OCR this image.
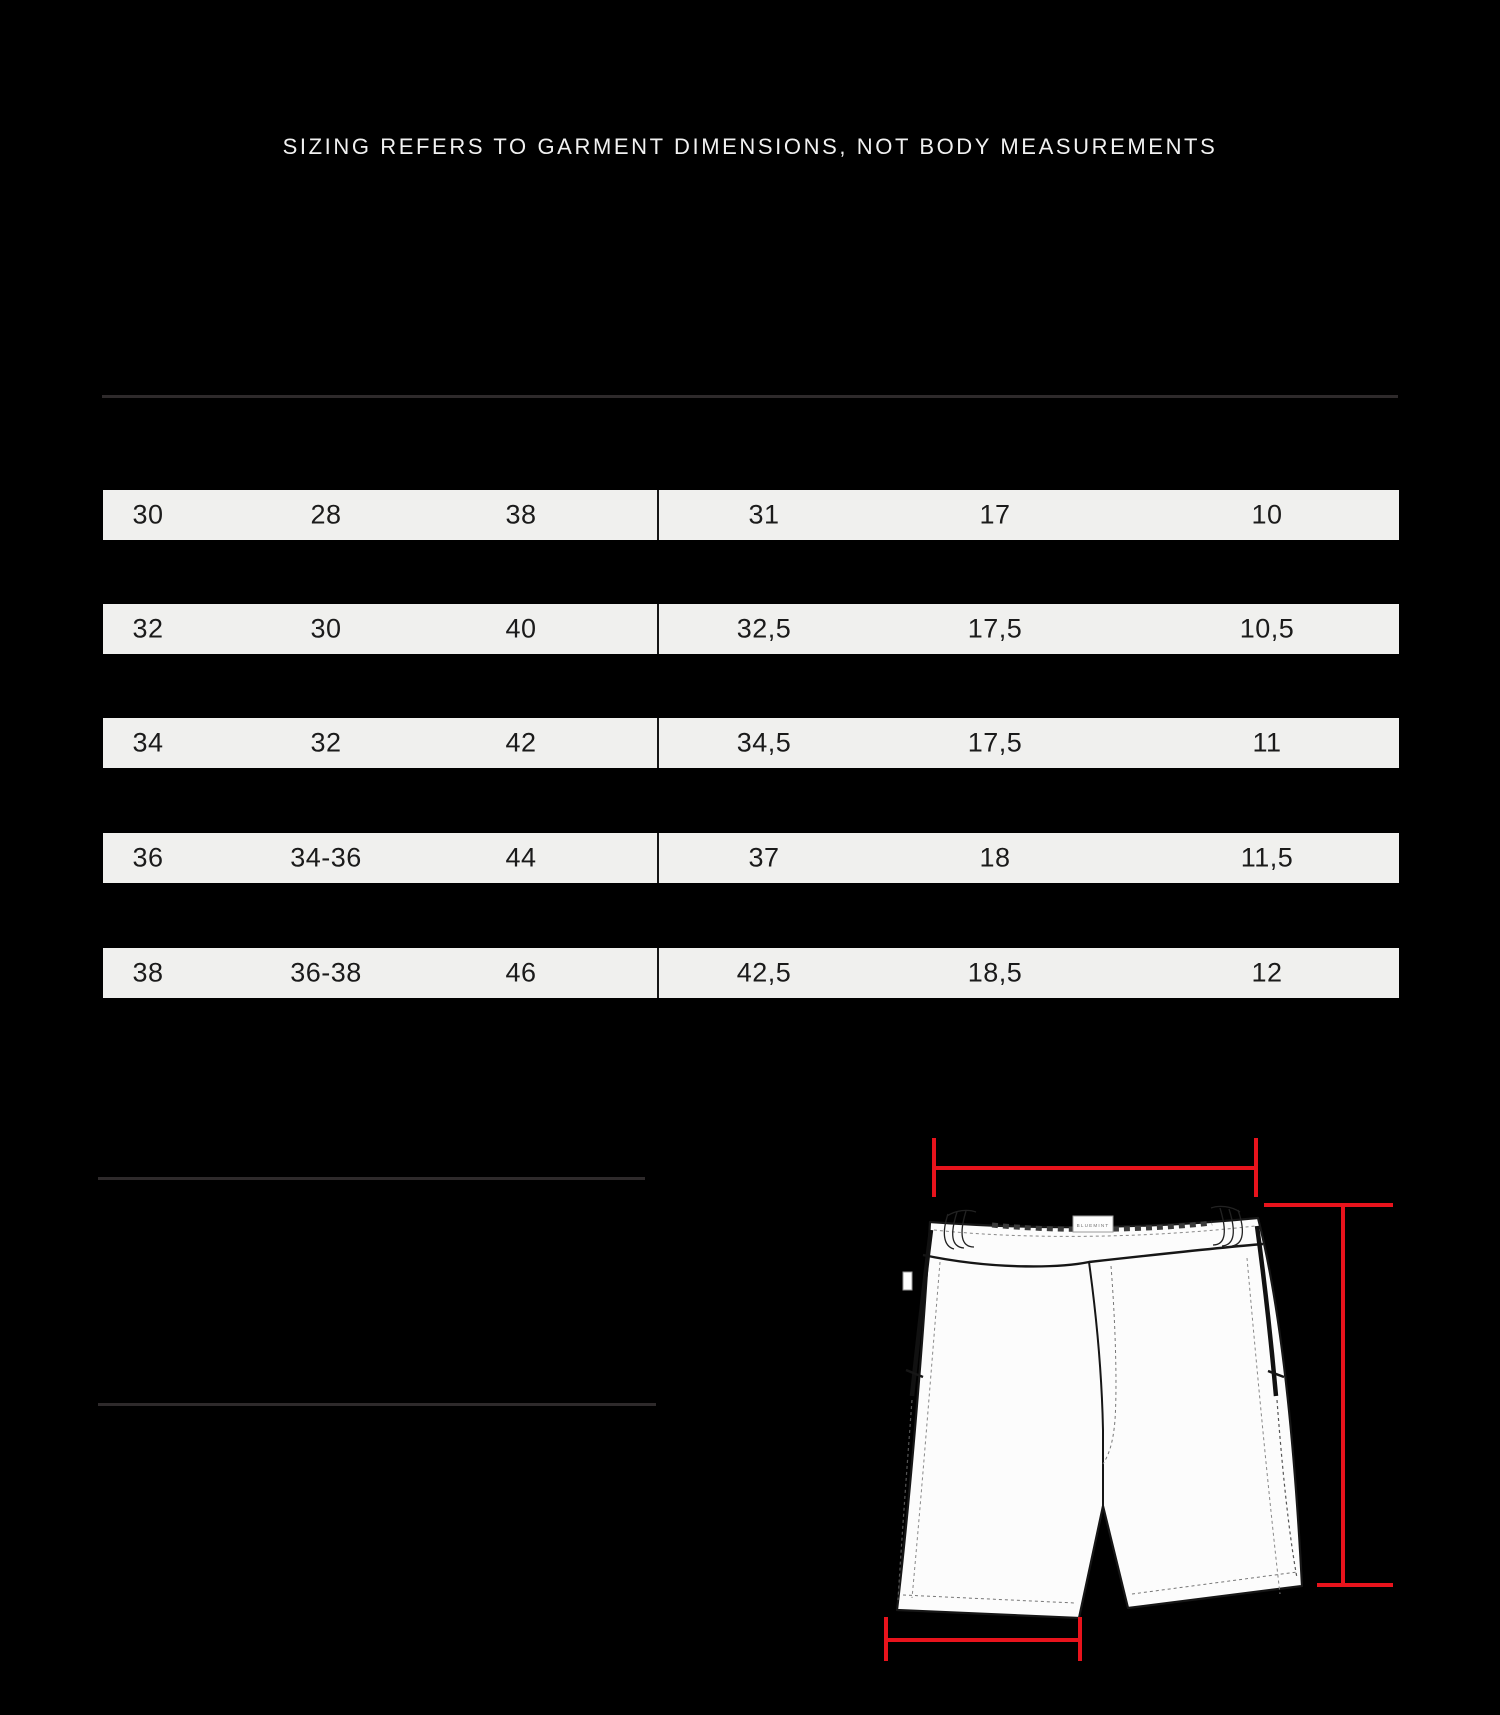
SIZING REFERS TO GARMENT DIMENSIONS, NOT BODY MEASUREMENTS
30	28	38	31	17	10
32	30	40	32,5	17,5	10,5
34	32	42	34,5	17,5	11
36	34-36	44	37	18	11,5
38	36-38	46	42,5	18,5	12
BLUEMINT
